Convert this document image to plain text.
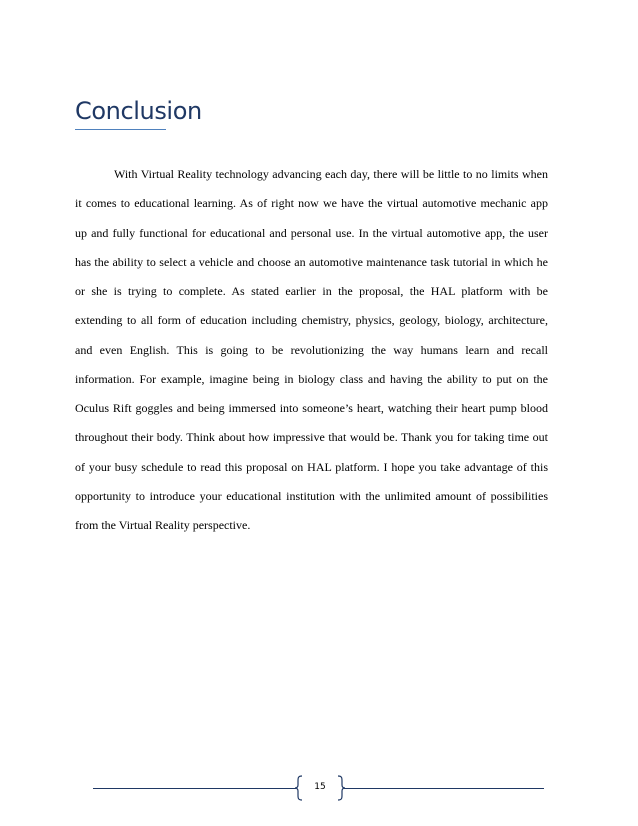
Conclusion
With Virtual Reality technology advancing each day, there will be little to no limits when
it comes to educational learning. As of right now we have the virtual automotive mechanic app
up and fully functional for educational and personal use. In the virtual automotive app, the user
has the ability to select a vehicle and choose an automotive maintenance task tutorial in which he
or she is trying to complete. As stated earlier in the proposal, the HAL platform with be
extending to all form of education including chemistry, physics, geology, biology, architecture,
and even English. This is going to be revolutionizing the way humans learn and recall
information. For example, imagine being in biology class and having the ability to put on the
Oculus Rift goggles and being immersed into someone’s heart, watching their heart pump blood
throughout their body. Think about how impressive that would be. Thank you for taking time out
of your busy schedule to read this proposal on HAL platform. I hope you take advantage of this
opportunity to introduce your educational institution with the unlimited amount of possibilities
from the Virtual Reality perspective.
15
